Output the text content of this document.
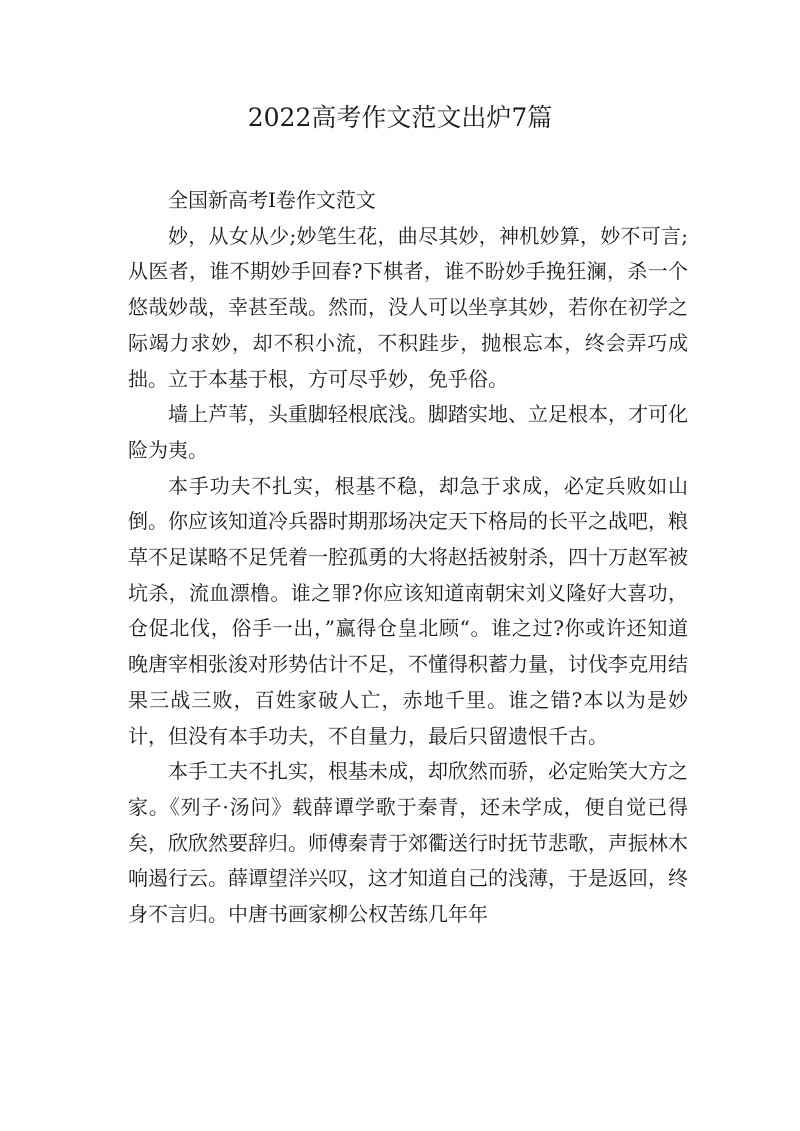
2022高考作文范文出炉7篇
全国新高考Ⅰ卷作文范文

妙，从女从少;妙笔生花，曲尽其妙，神机妙算，妙不可言;从医者，谁不期妙手回春?下棋者，谁不盼妙手挽狂澜，杀一个悠哉妙哉，幸甚至哉。然而，没人可以坐享其妙，若你在初学之际竭力求妙，却不积小流，不积跬步，抛根忘本，终会弄巧成拙。立于本基于根，方可尽乎妙，免乎俗。

墙上芦苇，头重脚轻根底浅。脚踏实地、立足根本，才可化险为夷。

本手功夫不扎实，根基不稳，却急于求成，必定兵败如山倒。你应该知道冷兵器时期那场决定天下格局的长平之战吧，粮草不足谋略不足凭着一腔孤勇的大将赵括被射杀，四十万赵军被坑杀，流血漂橹。谁之罪?你应该知道南朝宋刘义隆好大喜功，仓促北伐，俗手一出，”赢得仓皇北顾“。谁之过?你或许还知道晚唐宰相张浚对形势估计不足，不懂得积蓄力量，讨伐李克用结果三战三败，百姓家破人亡，赤地千里。谁之错?本以为是妙计，但没有本手功夫，不自量力，最后只留遗恨千古。

本手工夫不扎实，根基未成，却欣然而骄，必定贻笑大方之家。《列子·汤问》载薛谭学歌于秦青，还未学成，便自觉已得矣，欣欣然要辞归。师傅秦青于郊衢送行时抚节悲歌，声振林木响遏行云。薛谭望洋兴叹，这才知道自己的浅薄，于是返回，终身不言归。中唐书画家柳公权苦练几年年
